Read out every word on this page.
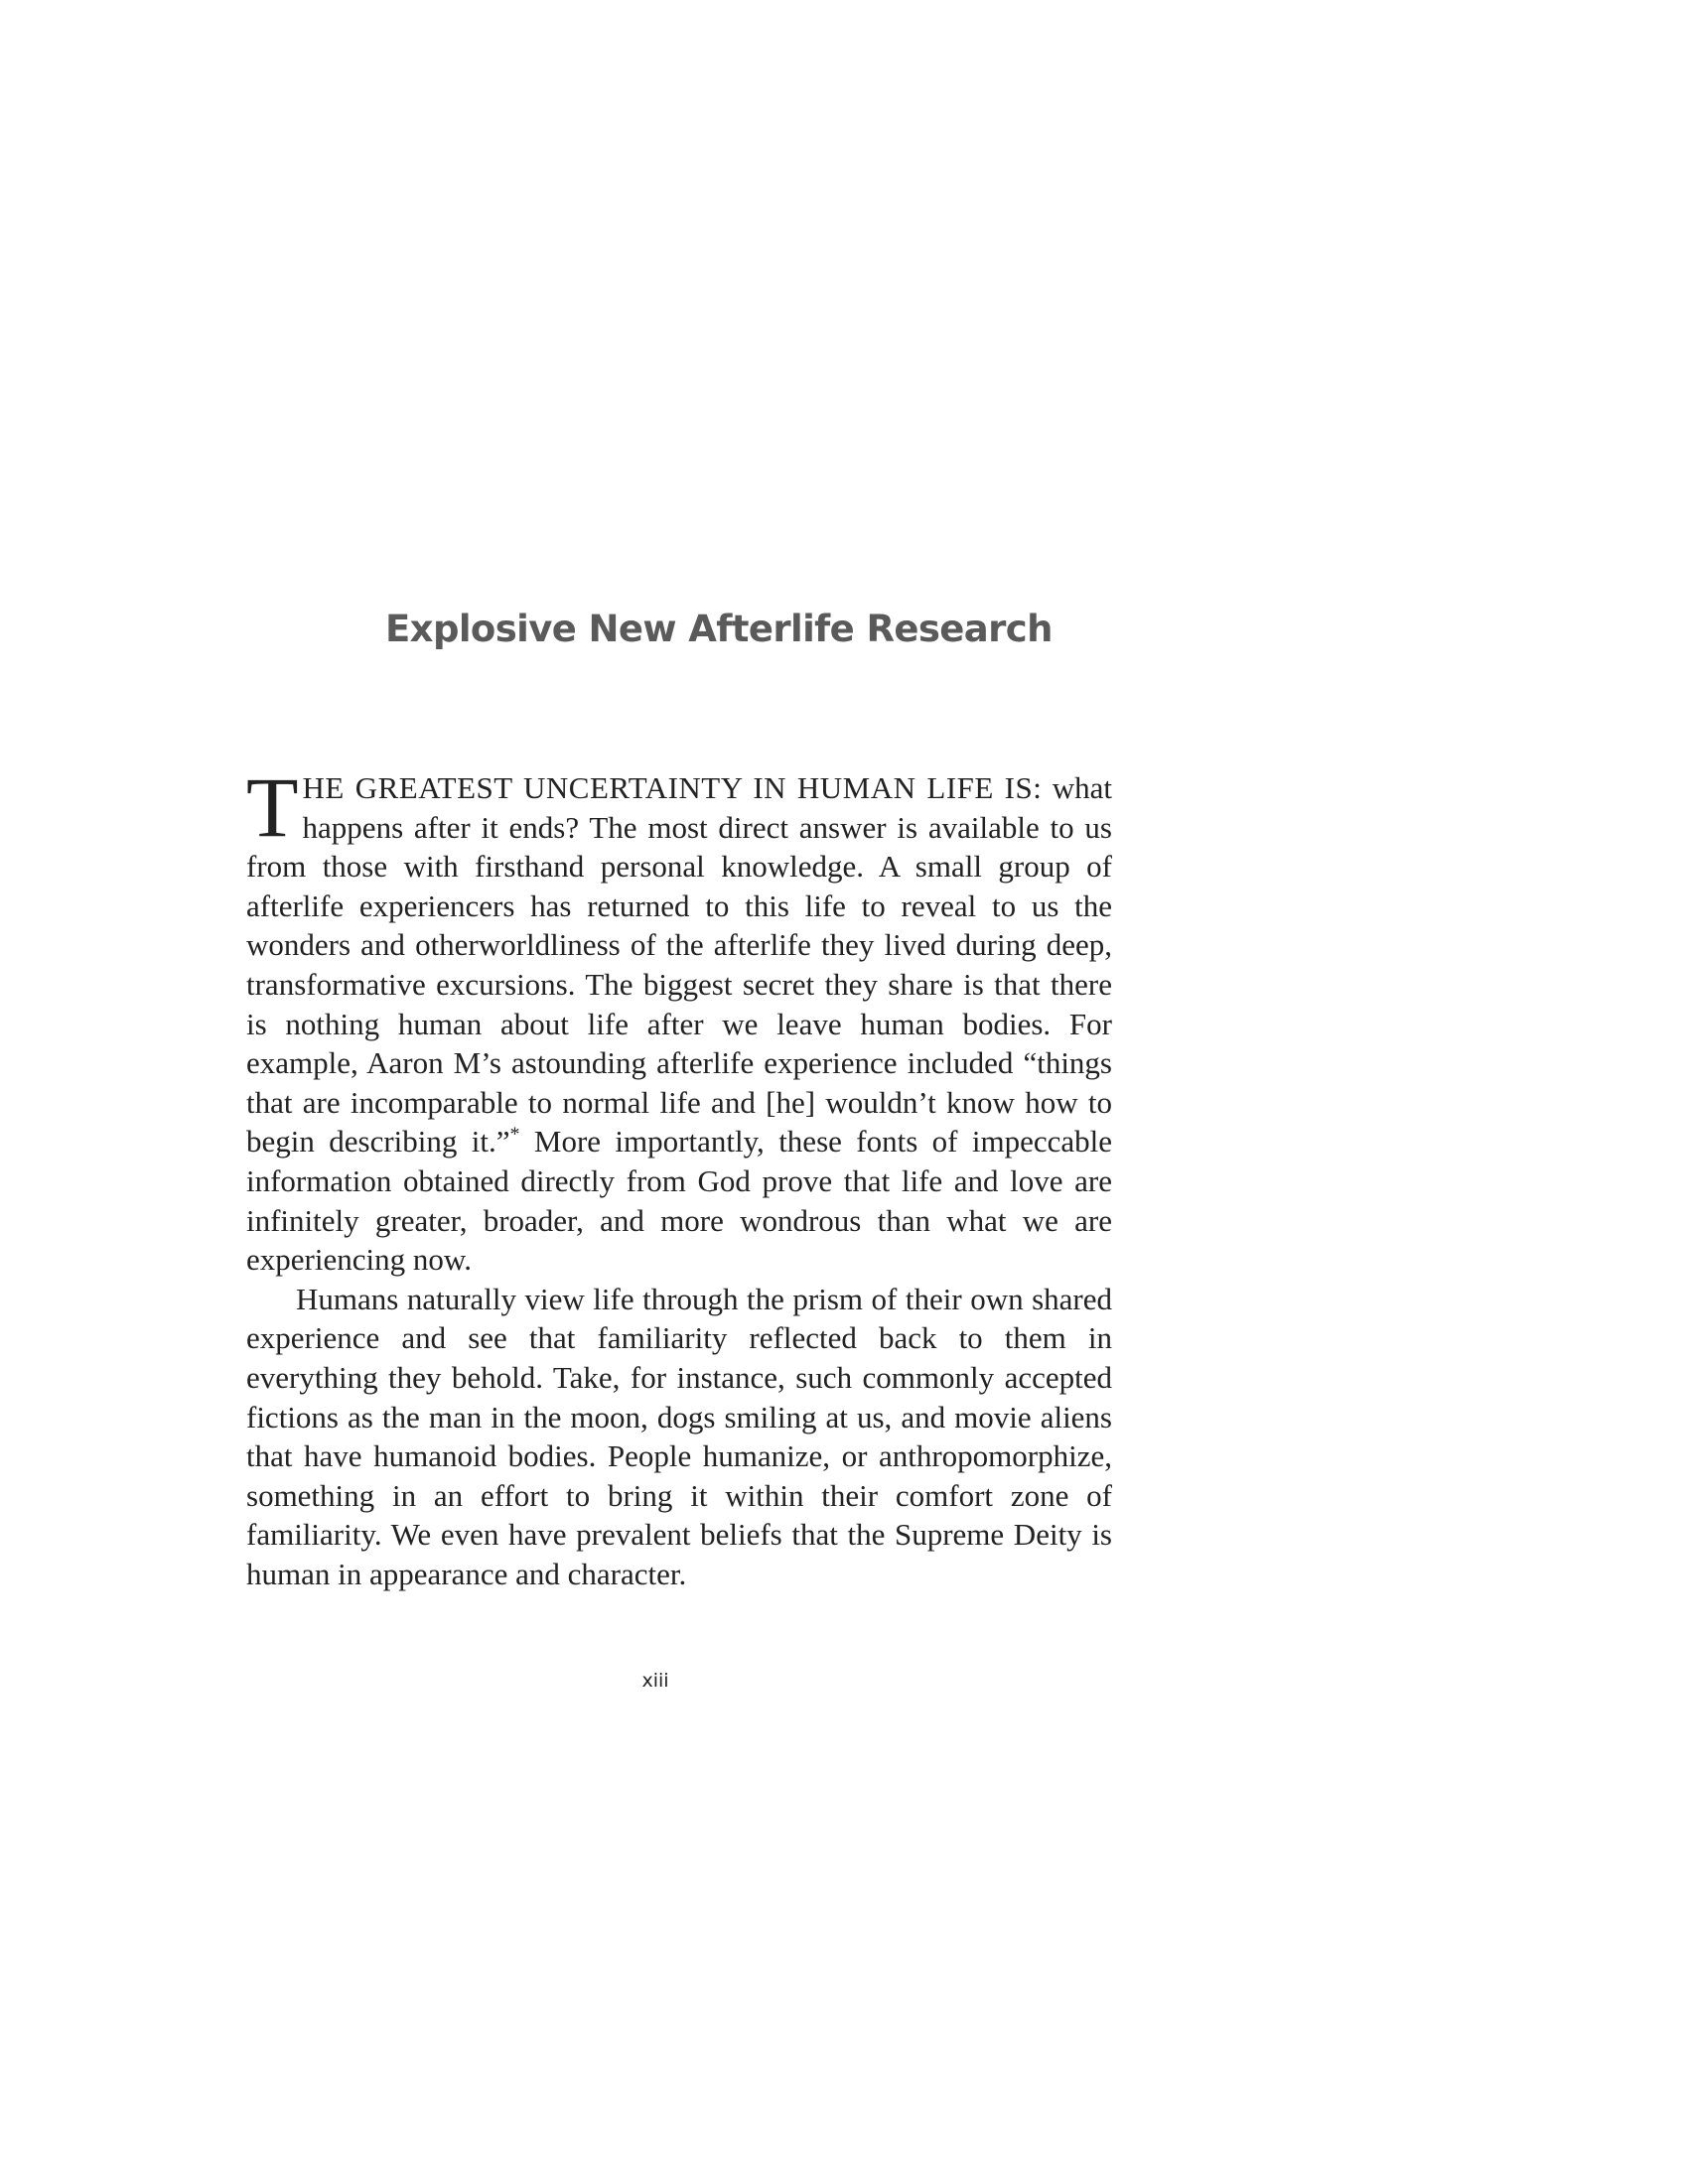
Explosive New Afterlife Research

THE GREATEST UNCERTAINTY IN HUMAN LIFE IS: what happens after it ends? The most direct answer is available to us from those with firsthand personal knowledge. A small group of afterlife experiencers has returned to this life to reveal to us the wonders and otherworldliness of the afterlife they lived during deep, transformative excursions. The biggest secret they share is that there is nothing human about life after we leave human bodies. For example, Aaron M’s astounding afterlife experience included “things that are incomparable to normal life and [he] wouldn’t know how to begin describing it.”* More importantly, these fonts of impeccable information obtained directly from God prove that life and love are infinitely greater, broader, and more wondrous than what we are experiencing now.

Humans naturally view life through the prism of their own shared experience and see that familiarity reflected back to them in everything they behold. Take, for instance, such commonly accepted fictions as the man in the moon, dogs smiling at us, and movie aliens that have humanoid bodies. People humanize, or anthropomorphize, something in an effort to bring it within their comfort zone of familiarity. We even have prevalent beliefs that the Supreme Deity is human in appearance and character.

xiii
